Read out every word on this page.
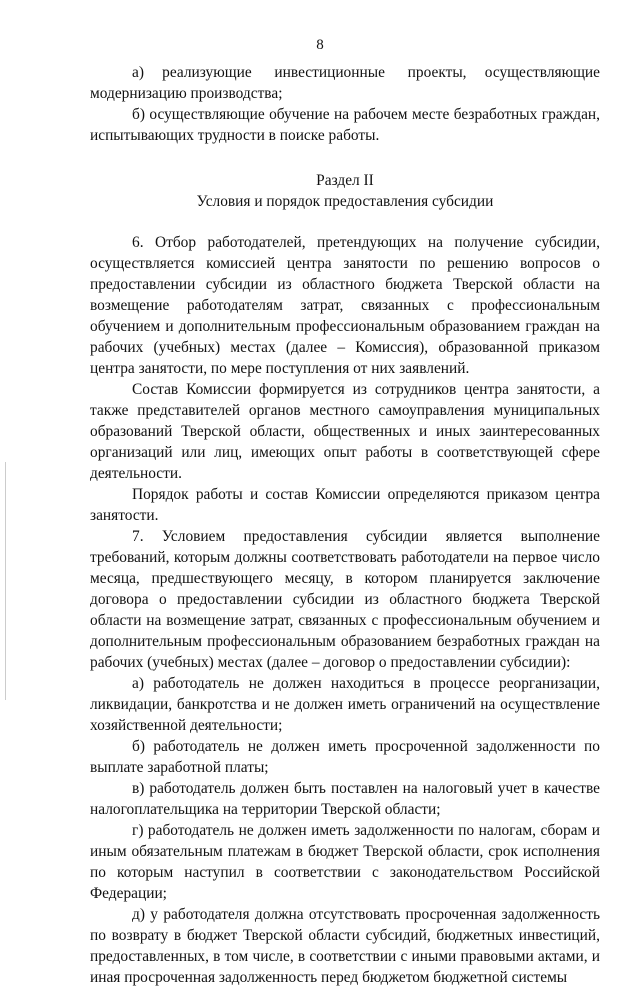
8

а)    реализующие     инвестиционные     проекты,    осуществляющие модернизацию производства;

б) осуществляющие обучение на рабочем месте безработных граждан, испытывающих трудности в поиске работы.

Раздел II
Условия и порядок предоставления субсидии

6. Отбор работодателей, претендующих на получение субсидии, осуществляется комиссией центра занятости по решению вопросов о предоставлении субсидии из областного бюджета Тверской области на возмещение работодателям затрат, связанных с профессиональным обучением и дополнительным профессиональным образованием граждан на рабочих (учебных) местах (далее – Комиссия), образованной приказом центра занятости, по мере поступления от них заявлений.

Состав Комиссии формируется из сотрудников центра занятости, а также представителей органов местного самоуправления муниципальных образований Тверской области, общественных и иных заинтересованных организаций или лиц, имеющих опыт работы в соответствующей сфере деятельности.

Порядок работы и состав Комиссии определяются приказом центра занятости.

7.   Условием   предоставления   субсидии   является   выполнение требований, которым должны соответствовать работодатели на первое число месяца, предшествующего месяцу, в котором планируется заключение договора о предоставлении субсидии из областного бюджета Тверской области на возмещение затрат, связанных с профессиональным обучением и дополнительным профессиональным образованием безработных граждан на рабочих (учебных) местах (далее – договор о предоставлении субсидии):

а) работодатель не должен находиться в процессе реорганизации, ликвидации, банкротства и не должен иметь ограничений на осуществление хозяйственной деятельности;

б) работодатель не должен иметь просроченной задолженности по выплате заработной платы;

в) работодатель должен быть поставлен на налоговый учет в качестве налогоплательщика на территории Тверской области;

г) работодатель не должен иметь задолженности по налогам, сборам и иным обязательным платежам в бюджет Тверской области, срок исполнения по которым наступил в соответствии с законодательством Российской Федерации;

д) у работодателя должна отсутствовать просроченная задолженность по возврату в бюджет Тверской области субсидий, бюджетных инвестиций, предоставленных, в том числе, в соответствии с иными правовыми актами, и иная просроченная задолженность перед бюджетом бюджетной системы
